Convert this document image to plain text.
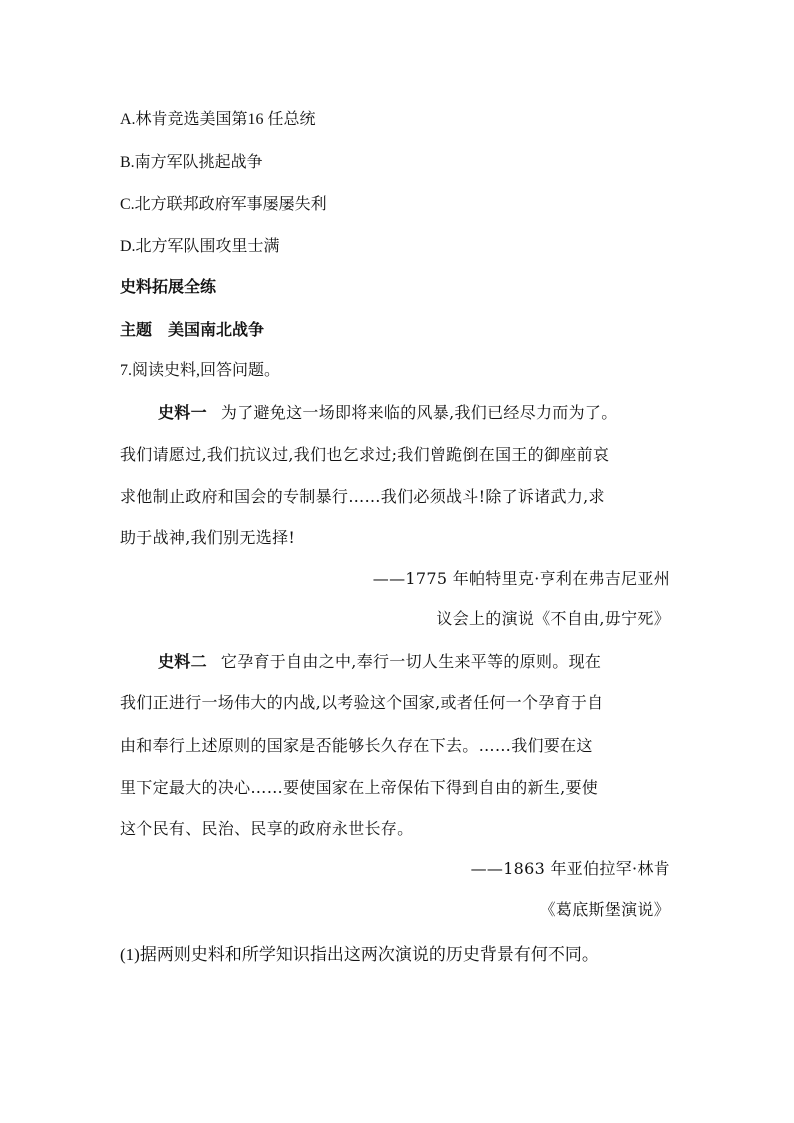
A.林肯竞选美国第16 任总统
B.南方军队挑起战争
C.北方联邦政府军事屡屡失利
D.北方军队围攻里士满
史料拓展全练
主题　美国南北战争
7.阅读史料,回答问题。
史料一 为了避免这一场即将来临的风暴,我们已经尽力而为了。
我们请愿过,我们抗议过,我们也乞求过;我们曾跪倒在国王的御座前哀
求他制止政府和国会的专制暴行……我们必须战斗!除了诉诸武力,求
助于战神,我们别无选择!
——1775 年帕特里克·亨利在弗吉尼亚州
议会上的演说《不自由,毋宁死》
史料二 它孕育于自由之中,奉行一切人生来平等的原则。现在
我们正进行一场伟大的内战,以考验这个国家,或者任何一个孕育于自
由和奉行上述原则的国家是否能够长久存在下去。……我们要在这
里下定最大的决心……要使国家在上帝保佑下得到自由的新生,要使
这个民有、民治、民享的政府永世长存。
——1863 年亚伯拉罕·林肯
《葛底斯堡演说》
(1)据两则史料和所学知识指出这两次演说的历史背景有何不同。
